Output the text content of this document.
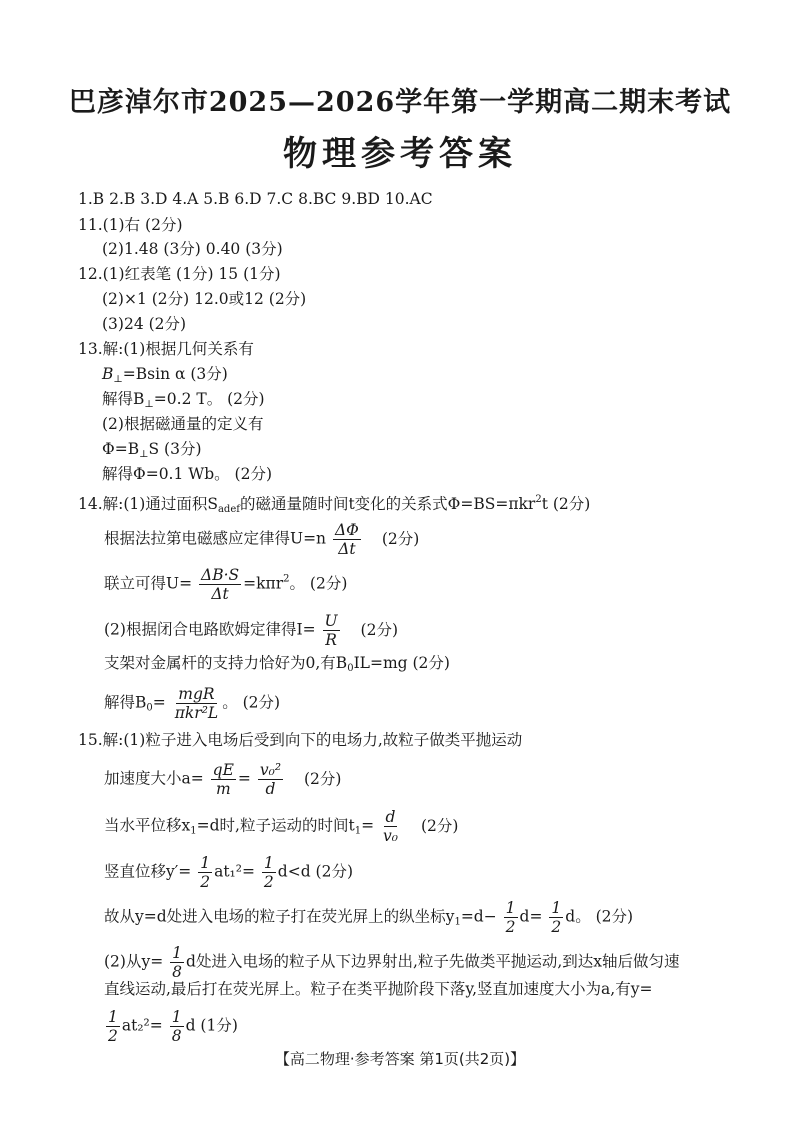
巴彦淖尔市2025—2026学年第一学期高二期末考试
物理参考答案
1.B 2.B 3.D 4.A 5.B 6.D 7.C 8.BC 9.BD 10.AC
11.(1)右 (2分)
(2)1.48 (3分) 0.40 (3分)
12.(1)红表笔 (1分) 15 (1分)
(2)×1 (2分) 12.0或12 (2分)
(3)24 (2分)
13.解:(1)根据几何关系有
$B_\perp=Bsin$ α (3分)
解得$B_\perp=0.2$ T。 (2分)
(2)根据磁通量的定义有
$\Phi=B_\perp S$ (3分)
解得Φ=0.1 Wb。 (2分)
14.解:(1)通过面积$S_{adef}$的磁通量随时间t变化的关系式Φ=BS=πkr$^2$t (2分)
根据法拉第电磁感应定律得$U=n \frac{\Delta\Phi}{\Delta t} (2$分)
联立可得$U= \frac{\Delta B\cdot S}{\Delta t} =k\pi r^2$。 (2分)
(2)根据闭合电路欧姆定律得$I= \frac{U}{R} (2$分)
支架对金属杆的支持力恰好为0,有$B_0IL=mg$ (2分)
解得$B_0= \frac{\text{mgR}}{\text{πkr²L}}$ 。 (2分)
15.解:(1)粒子进入电场后受到向下的电场力,故粒子做类平抛运动
加速度大小$a= \frac{qE}{m} = \frac{\text{v₀²}}{d} (2$分)
当水平位移$x_1=d$时,粒子运动的时间$t_1= \frac{d}{\text{v₀}} (2$分)
竖直位移$y'= \frac{1}{2} at_1^2= \frac{1}{2} d<d$ (2分)
故从y=d处进入电场的粒子打在荧光屏上的纵坐标$y_1=d- \frac{1}{2} d= \frac{1}{2}$ d。 (2分)
(2)从$y= \frac{1}{8}$ d处进入电场的粒子从下边界射出,粒子先做类平抛运动,到达x轴后做匀速
直线运动,最后打在荧光屏上。粒子在类平抛阶段下落y,竖直加速度大小为a,有y=
$\frac{1}{2} at_2^2= \frac{1}{8}$ d (1分)
【高二物理·参考答案 第1页(共2页)】
